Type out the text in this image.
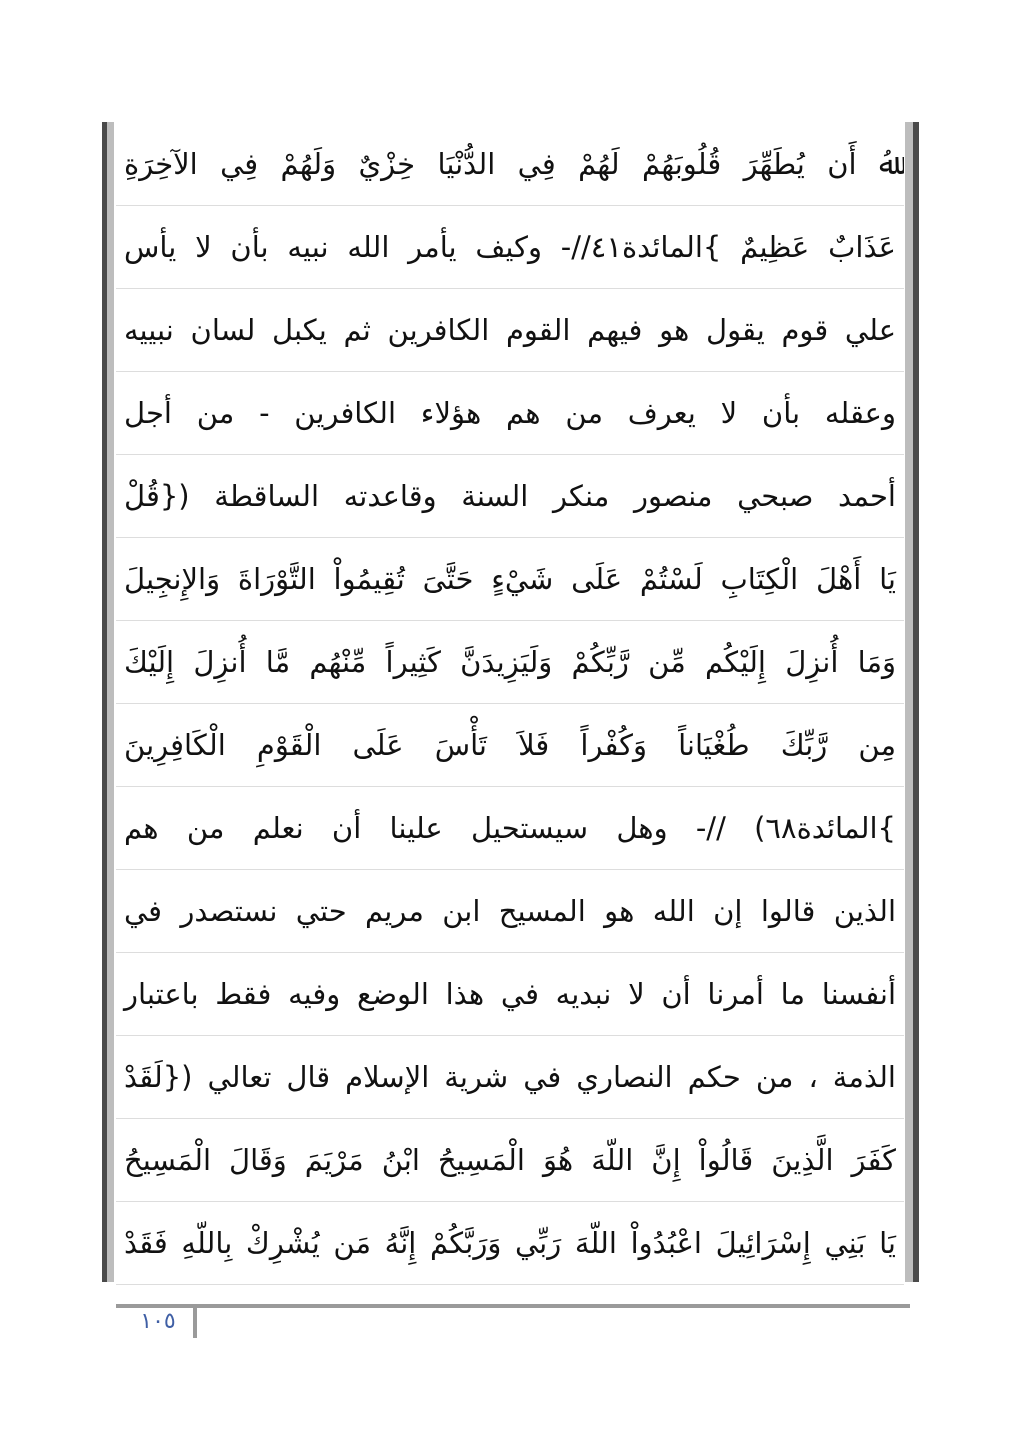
ﷲُ أَن يُطَهِّرَ قُلُوبَهُمْ لَهُمْ فِي الدُّنْيَا خِزْيٌ وَلَهُمْ فِي الآخِرَةِ
عَذَابٌ عَظِيمٌ }المائدة٤١//- وكيف يأمر الله نبيه بأن لا يأس
علي قوم يقول هو فيهم القوم الكافرين ثم يكبل لسان نبييه
وعقله بأن لا يعرف من هم هؤلاء الكافرين - من أجل
أحمد صبحي منصور منكر السنة وقاعدته الساقطة ({قُلْ
يَا أَهْلَ الْكِتَابِ لَسْتُمْ عَلَى شَيْءٍ حَتَّىَ تُقِيمُواْ التَّوْرَاةَ وَالإِنجِيلَ
وَمَا أُنزِلَ إِلَيْكُم مِّن رَّبِّكُمْ وَلَيَزِيدَنَّ كَثِيراً مِّنْهُم مَّا أُنزِلَ إِلَيْكَ
مِن رَّبِّكَ طُغْيَاناً وَكُفْراً فَلاَ تَأْسَ عَلَى الْقَوْمِ الْكَافِرِينَ
}المائدة٦٨) //- وهل سيستحيل علينا أن نعلم من هم
الذين قالوا إن الله هو المسيح ابن مريم حتي نستصدر في
أنفسنا ما أمرنا أن لا نبديه في هذا الوضع وفيه فقط باعتبار
الذمة ، من حكم النصاري في شرية الإسلام قال تعالي ({لَقَدْ
كَفَرَ الَّذِينَ قَالُواْ إِنَّ اللّهَ هُوَ الْمَسِيحُ ابْنُ مَرْيَمَ وَقَالَ الْمَسِيحُ
يَا بَنِي إِسْرَائِيلَ اعْبُدُواْ اللّهَ رَبِّي وَرَبَّكُمْ إِنَّهُ مَن يُشْرِكْ بِاللّهِ فَقَدْ
١٠٥
